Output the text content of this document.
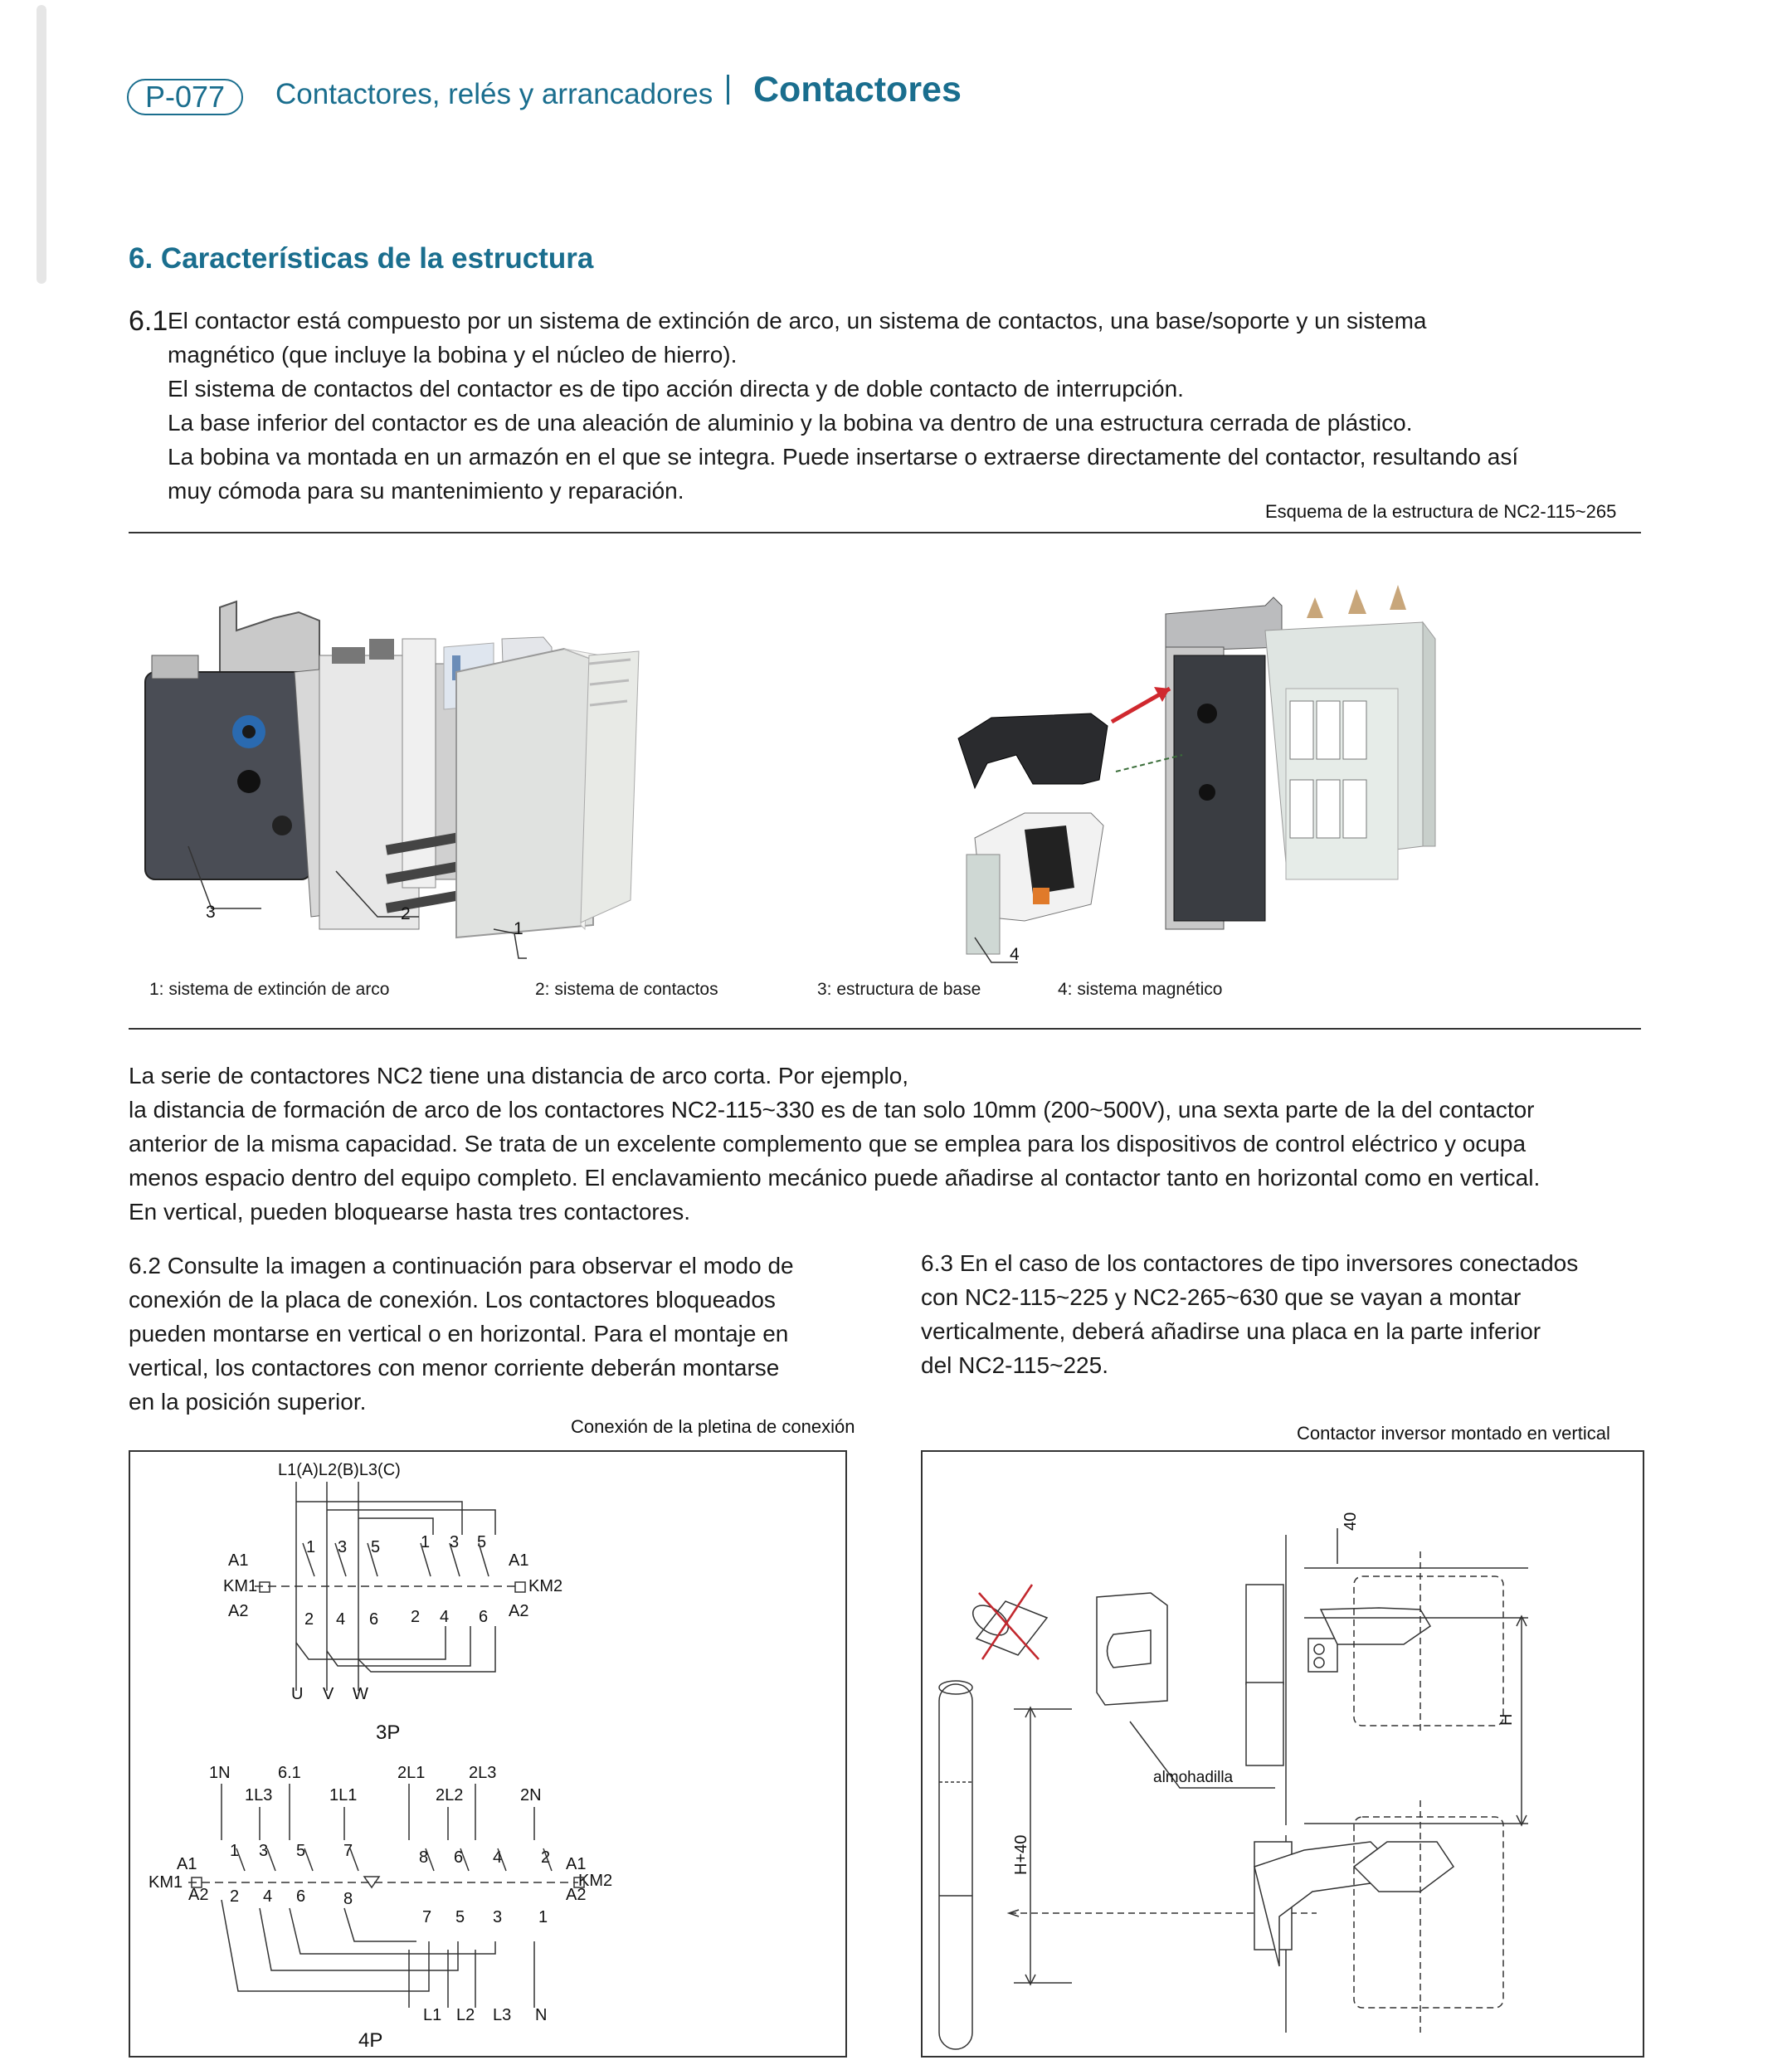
P-077	Contactores, relés y arrancadores Contactores
6. Características de la estructura
6.1 El contactor está compuesto por un sistema de extinción de arco, un sistema de contactos, una base/soporte y un sistema
magnético (que incluye la bobina y el núcleo de hierro).
El sistema de contactos del contactor es de tipo acción directa y de doble contacto de interrupción.
La base inferior del contactor es de una aleación de aluminio y la bobina va dentro de una estructura cerrada de plástico.
La bobina va montada en un armazón en el que se integra. Puede insertarse o extraerse directamente del contactor, resultando así
muy cómoda para su mantenimiento y reparación.
Esquema de la estructura de NC2-115~265
3	2
1
4
1: sistema de extinción de arco	2: sistema de contactos	3: estructura de base	4: sistema magnético
La serie de contactores NC2 tiene una distancia de arco corta. Por ejemplo,
la distancia de formación de arco de los contactores NC2-115~330 es de tan solo 10mm (200~500V), una sexta parte de la del contactor
anterior de la misma capacidad. Se trata de un excelente complemento que se emplea para los dispositivos de control eléctrico y ocupa
menos espacio dentro del equipo completo. El enclavamiento mecánico puede añadirse al contactor tanto en horizontal como en vertical.
En vertical, pueden bloquearse hasta tres contactores.
6.2 Consulte la imagen a continuación para observar el modo de
conexión de la placa de conexión. Los contactores bloqueados
pueden montarse en vertical o en horizontal. Para el montaje en
vertical, los contactores con menor corriente deberán montarse
en la posición superior.
6.3 En el caso de los contactores de tipo inversores conectados
con NC2-115~225 y NC2-265~630 que se vayan a montar
verticalmente, deberá añadirse una placa en la parte inferior
del NC2-115~225.
Conexión de la pletina de conexión	Contactor inversor montado en vertical
L1(A)L2(B)L3(C)
A1
KM1
A2
A1
KM2
A2
1 3 5 1 3 5
2 4 6 2 4 6
U V W
3P
1N	6.1	2L1	2L3
1L3	1L1	2L2	2N
A1
KM1
A2
A1
KM2
A2
1 3 5 7	8 6 4 2
2 4 6 8
7 5 3 1
L1 L2 L3 N
4P
40
H
H+40
almohadilla
